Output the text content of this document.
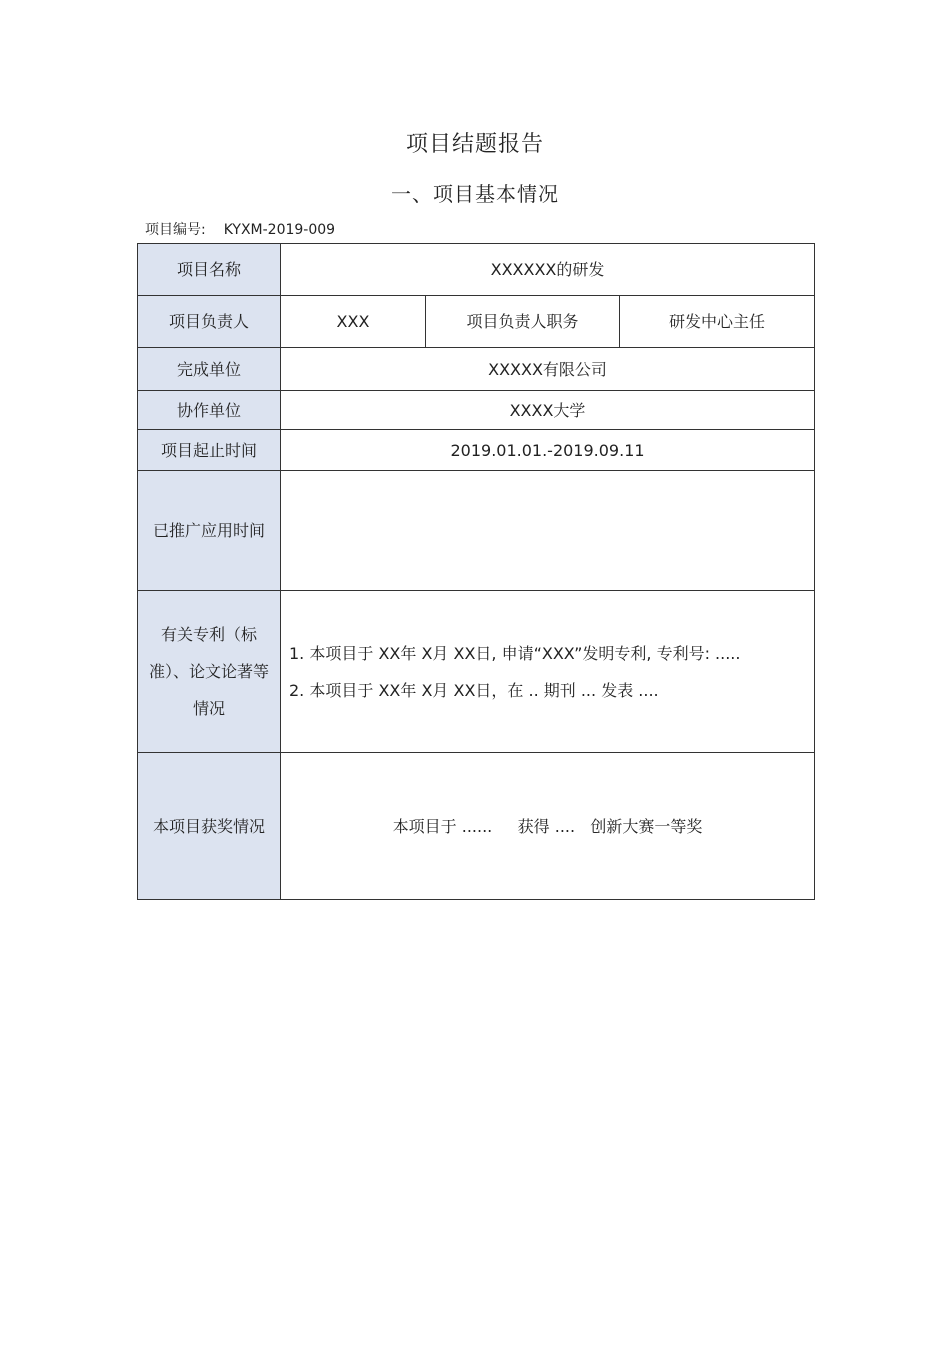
项目结题报告
一、项目基本情况
项目编号: KYXM-2019-009
项目名称	XXXXXX的研发		
项目负责人	XXX	项目负责人职务	研发中心主任
完成单位	XXXXX有限公司		
协作单位	XXXX大学		
项目起止时间	2019.01.01.-2019.09.11		
已推广应用时间			
有关专利（标准）、论文论著等情况	1. 本项目于 XX年 X月 XX日, 申请“XXX”发明专利, 专利号: .....
2. 本项目于 XX年 X月 XX日，在 .. 期刊 ... 发表 ....		

本项目获奖情况	本项目于 ......     获得 ....   创新大赛一等奖		
